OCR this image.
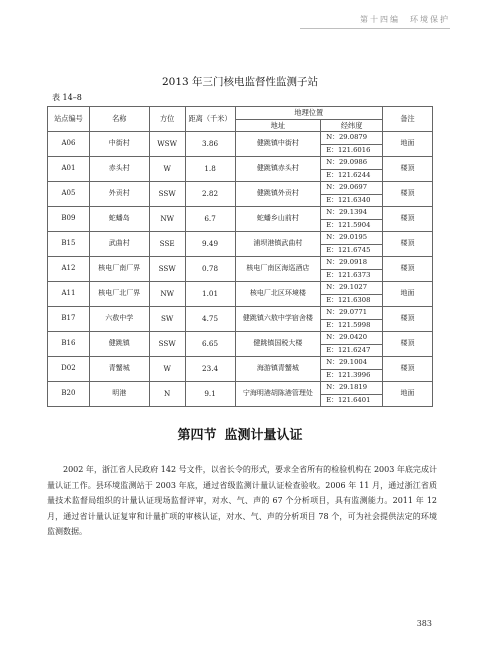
第十四编　环境保护
2013 年三门核电监督性监测子站
表 14–8
站点编号	名称	方位	距离（千米）	地理位置		备注
				地址	经纬度	
A06	中街村	WSW	3.86	健跳镇中街村	N：29.0879	地面
					E：121.6016	
A01	赤头村	W	1.8	健跳镇赤头村	N：29.0986	楼顶
					E：121.6244	
A05	外贡村	SSW	2.82	健跳镇外贡村	N：29.0697	楼顶
					E：121.6340	
B09	蛇蟠岛	NW	6.7	蛇蟠乡山前村	N：29.1394	楼顶
					E：121.5904	
B15	武曲村	SSE	9.49	浦坝港镇武曲村	N：29.0195	楼顶
					E：121.6745	
A12	核电厂南厂界	SSW	0.78	核电厂南区海巡酒店	N：29.0918	楼顶
					E：121.6373	
A11	核电厂北厂界	NW	1.01	核电厂北区环境楼	N：29.1027	地面
					E：121.6308	
B17	六敖中学	SW	4.75	健跳镇六敖中学宿舍楼	N：29.0771	楼顶
					E：121.5998	
B16	健跳镇	SSW	6.65	健跳镇国税大楼	N：29.0420	楼顶
					E：121.6247	
D02	青蟹城	W	23.4	海游镇青蟹城	N：29.1004	楼顶
					E：121.3996	
B20	明港	N	9.1	宁海明港胡陈港管理处	N：29.1819	地面
					E：121.6401	
第四节 监测计量认证
2002 年，浙江省人民政府 142 号文件，以省长令的形式，要求全省所有的检验机构在 2003 年底完成计量认证工作。县环境监测站于 2003 年底，通过省级监测计量认证检查验收。2006 年 11 月，通过浙江省质量技术监督局组织的计量认证现场监督评审，对水、气、声的 67 个分析项目，具有监测能力。2011 年 12 月，通过省计量认证复审和计量扩项的审核认证，对水、气、声的分析项目 78 个，可为社会提供法定的环境监测数据。
383
